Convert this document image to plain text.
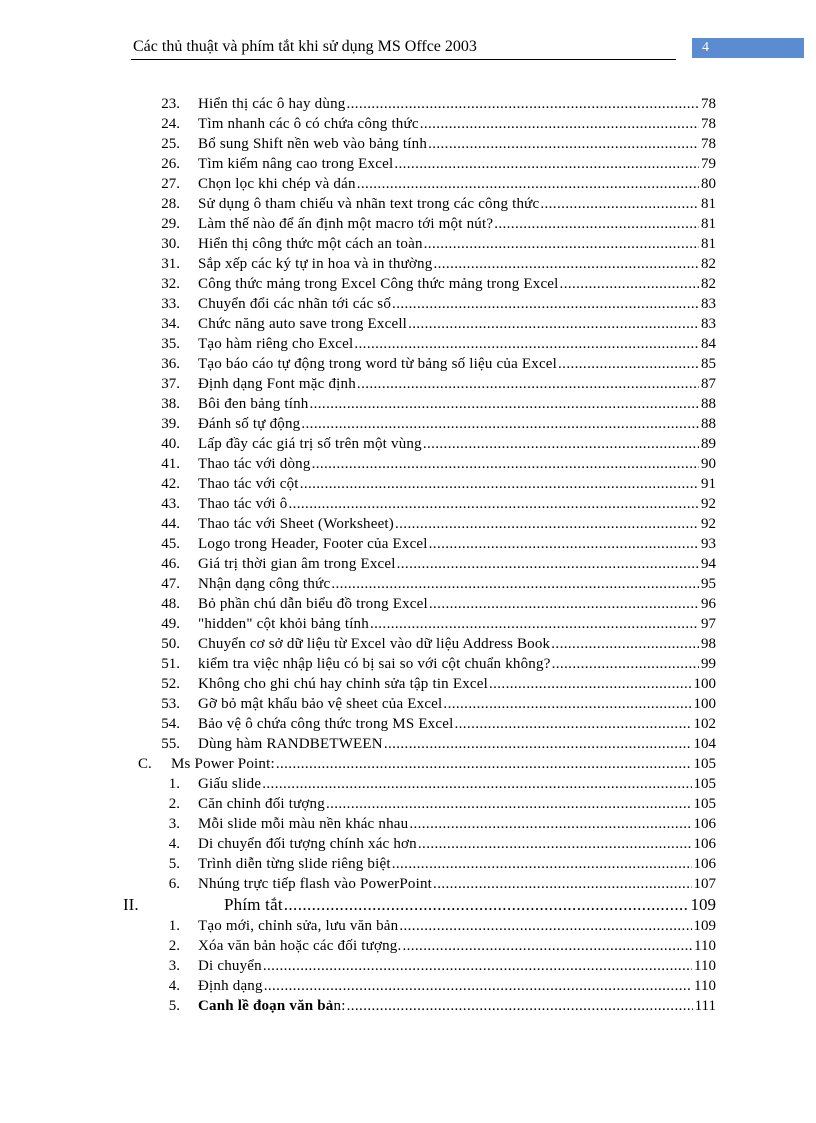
Các thủ thuật và phím tắt khi sử dụng MS Offce 2003	4
23. Hiển thị các ô hay dùng .....	78
24. Tìm nhanh các ô có chứa công thức .....	78
25. Bổ sung Shift nền web vào bảng tính .....	78
26. Tìm kiếm nâng cao trong Excel .....	79
27. Chọn lọc khi chép và dán .....	80
28. Sử dụng ô tham chiếu và nhãn text trong các công thức .....	81
29. Làm thế nào để ấn định một macro tới một nút? .....	81
30. Hiển thị công thức một cách an toàn .....	81
31. Sắp xếp các ký tự in hoa và in thường .....	82
32. Công thức mảng trong Excel Công thức mảng trong Excel .....	82
33. Chuyển đổi các nhãn tới các số .....	83
34. Chức năng auto save trong Excell .....	83
35. Tạo hàm riêng cho Excel .....	84
36. Tạo báo cáo tự động trong word từ bảng số liệu của Excel .....	85
37. Định dạng Font mặc định .....	87
38. Bôi đen bảng tính .....	88
39. Đánh số tự động .....	88
40. Lấp đầy các giá trị số trên một vùng .....	89
41. Thao tác với dòng .....	90
42. Thao tác với cột .....	91
43. Thao tác với ô .....	92
44. Thao tác với Sheet (Worksheet) .....	92
45. Logo trong Header, Footer của Excel .....	93
46. Giá trị thời gian âm trong Excel .....	94
47. Nhận dạng công thức .....	95
48. Bỏ phần chú dẫn biểu đồ trong Excel .....	96
49. "hidden" cột khỏi bảng tính .....	97
50. Chuyển cơ sở dữ liệu từ Excel vào dữ liệu Address Book .....	98
51. kiểm tra việc nhập liệu có bị sai so với cột chuẩn không? .....	99
52. Không cho ghi chú hay chỉnh sửa tập tin Excel .....	100
53. Gỡ bỏ mật khẩu bảo vệ sheet của Excel .....	100
54. Bảo vệ ô chứa công thức trong MS Excel .....	102
55. Dùng hàm RANDBETWEEN .....	104
C. Ms Power Point: .....	105
1. Giấu slide .....	105
2. Căn chỉnh đối tượng .....	105
3. Mỗi slide mỗi màu nền khác nhau .....	106
4. Di chuyển đối tượng chính xác hơn .....	106
5. Trình diễn từng slide riêng biệt .....	106
6. Nhúng trực tiếp flash vào PowerPoint .....	107
II.	Phím tắt .....	109
1. Tạo mới, chỉnh sửa, lưu văn bản .....	109
2. Xóa văn bản hoặc các đối tượng. .....	110
3. Di chuyển .....	110
4. Định dạng .....	110
5. Canh lề đoạn văn bản: .....	111
